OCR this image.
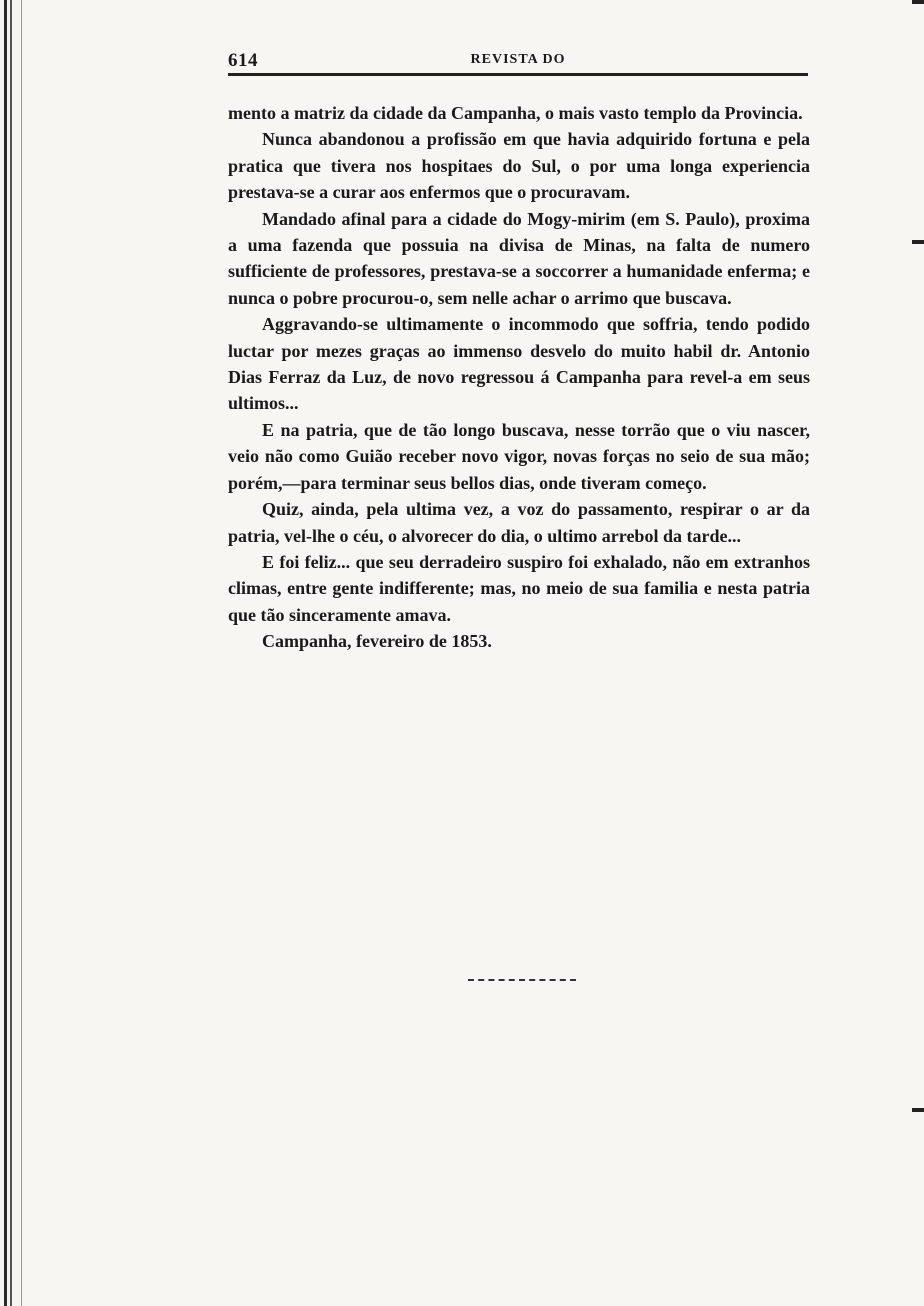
614	REVISTA DO

mento a matriz da cidade da Campanha, o mais vasto templo da Provincia.

Nunca abandonou a profissão em que havia adquirido fortuna e pela pratica que tivera nos hospitaes do Sul, o por uma longa experiencia prestava-se a curar aos enfermos que o procuravam.

Mandado afinal para a cidade do Mogy-mirim (em S. Paulo), proxima a uma fazenda que possuia na divisa de Minas, na falta de numero sufficiente de professores, prestava-se a soccorrer a humanidade enferma; e nunca o pobre procurou-o, sem nelle achar o arrimo que buscava.

Aggravando-se ultimamente o incommodo que soffria, tendo podido luctar por mezes graças ao immenso desvelo do muito habil dr. Antonio Dias Ferraz da Luz, de novo regressou á Campanha para revel-a em seus ultimos...

E na patria, que de tão longo buscava, nesse torrão que o viu nascer, veio não como Guião receber novo vigor, novas forças no seio de sua mão; porém,—para terminar seus bellos dias, onde tiveram começo.

Quiz, ainda, pela ultima vez, a voz do passamento, respirar o ar da patria, vel-lhe o céu, o alvorecer do dia, o ultimo arrebol da tarde...

E foi feliz... que seu derradeiro suspiro foi exhalado, não em extranhos climas, entre gente indifferente; mas, no meio de sua familia e nesta patria que tão sinceramente amava.

Campanha, fevereiro de 1853.
